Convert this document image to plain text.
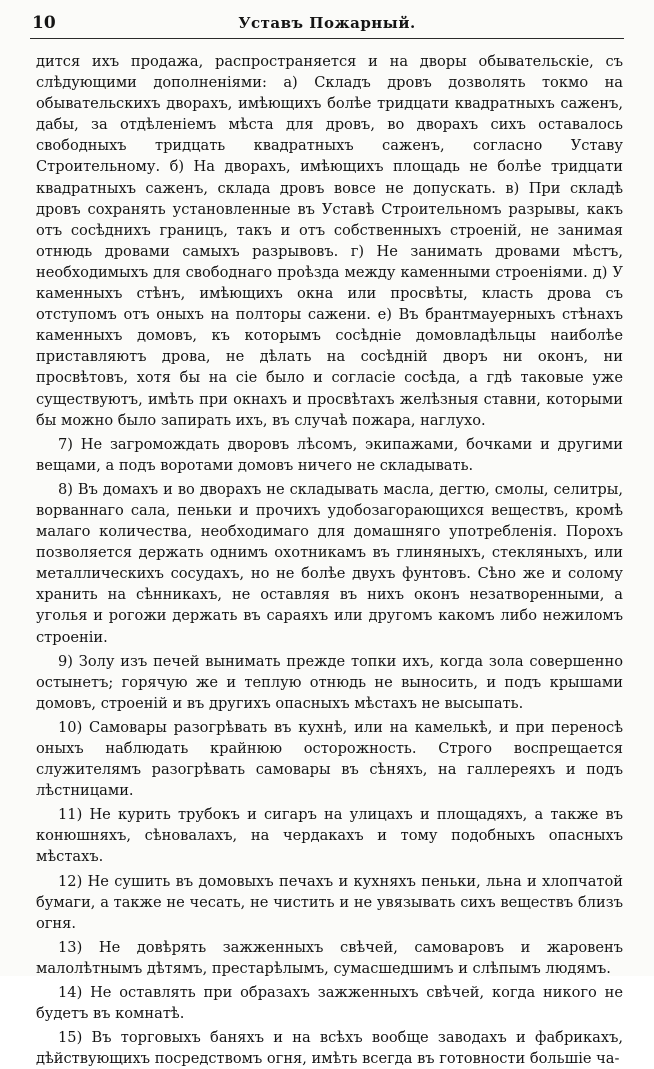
10	Уставъ Пожарный.

дится ихъ продажа, распространяется и на дворы обывательскіе, съ слѣдующими дополненіями: а) Складъ дровъ дозволять токмо на обывательскихъ дворахъ, имѣющихъ болѣе тридцати квадратныхъ саженъ, дабы, за отдѣленіемъ мѣста для дровъ, во дворахъ сихъ оставалось свободныхъ тридцать квадратныхъ саженъ, согласно Уставу Строительному. б) На дворахъ, имѣющихъ площадь не болѣе тридцати квадратныхъ саженъ, склада дровъ вовсе не допускать. в) При складѣ дровъ сохранять установленные въ Уставѣ Строительномъ разрывы, какъ отъ сосѣднихъ границъ, такъ и отъ собственныхъ строеній, не занимая отнюдь дровами самыхъ разрывовъ. г) Не занимать дровами мѣстъ, необходимыхъ для свободнаго проѣзда между каменными строеніями. д) У каменныхъ стѣнъ, имѣющихъ окна или просвѣты, класть дрова съ отступомъ отъ оныхъ на полторы сажени. е) Въ брантмауерныхъ стѣнахъ каменныхъ домовъ, къ которымъ сосѣдніе домовладѣльцы наиболѣе приставляютъ дрова, не дѣлать на сосѣдній дворъ ни оконъ, ни просвѣтовъ, хотя бы на сіе было и согласіе сосѣда, а гдѣ таковые уже существуютъ, имѣть при окнахъ и просвѣтахъ желѣзныя ставни, которыми бы можно было запирать ихъ, въ случаѣ пожара, наглухо.

7) Не загромождать дворовъ лѣсомъ, экипажами, бочками и другими вещами, а подъ воротами домовъ ничего не складывать.

8) Въ домахъ и во дворахъ не складывать масла, дегтю, смолы, селитры, ворваннаго сала, пеньки и прочихъ удобозагорающихся веществъ, кромѣ малаго количества, необходимаго для домашняго употребленія. Порохъ позволяется держать однимъ охотникамъ въ глиняныхъ, стекляныхъ, или металлическихъ сосудахъ, но не болѣе двухъ фунтовъ. Сѣно же и солому хранить на сѣнникахъ, не оставляя въ нихъ оконъ незатворенными, а уголья и рогожи держать въ сараяхъ или другомъ какомъ либо нежиломъ строеніи.

9) Золу изъ печей вынимать прежде топки ихъ, когда зола совершенно остынетъ; горячую же и теплую отнюдь не выносить, и подъ крышами домовъ, строеній и въ другихъ опасныхъ мѣстахъ не высыпать.

10) Самовары разогрѣвать въ кухнѣ, или на камелькѣ, и при переносѣ оныхъ наблюдать крайнюю осторожность. Строго воспрещается служителямъ разогрѣвать самовары въ сѣняхъ, на галлереяхъ и подъ лѣстницами.

11) Не курить трубокъ и сигаръ на улицахъ и площадяхъ, а также въ конюшняхъ, сѣновалахъ, на чердакахъ и тому подобныхъ опасныхъ мѣстахъ.

12) Не сушить въ домовыхъ печахъ и кухняхъ пеньки, льна и хлопчатой бумаги, а также не чесать, не чистить и не увязывать сихъ веществъ близъ огня.

13) Не довѣрять зажженныхъ свѣчей, самоваровъ и жаровенъ малолѣтнымъ дѣтямъ, престарѣлымъ, сумасшедшимъ и слѣпымъ людямъ.

14) Не оставлять при образахъ зажженныхъ свѣчей, когда никого не будетъ въ комнатѣ.

15) Въ торговыхъ баняхъ и на всѣхъ вообще заводахъ и фабрикахъ, дѣйствующихъ посредствомъ огня, имѣть всегда въ готовности большіе ча-
